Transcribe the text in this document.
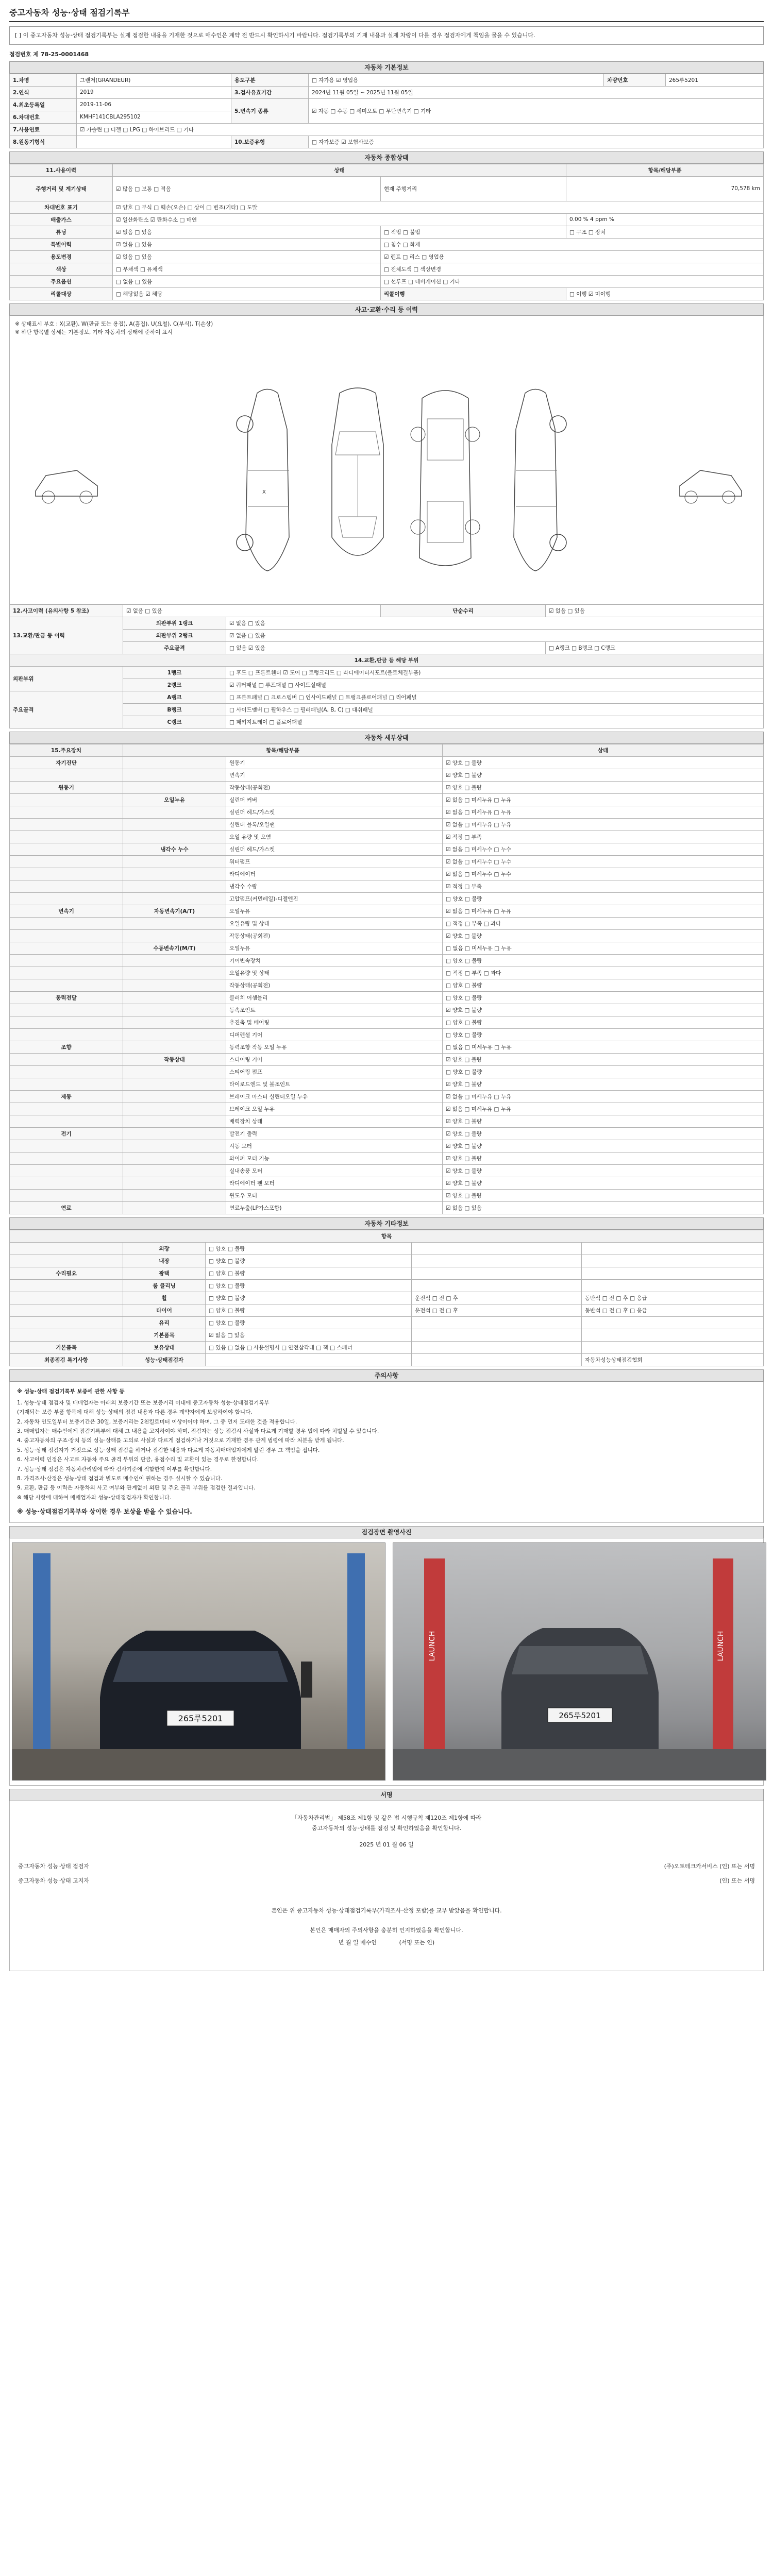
중고자동차 성능·상태 점검기록부
[ ] 이 중고자동차 성능·상태 점검기록부는 실제 점검한 내용을 기재한 것으로 매수인은 계약 전 반드시 확인하시기 바랍니다. 점검기록부의 기재 내용과 실제 차량이 다를 경우 점검자에게 책임을 물을 수 있습니다.
점검번호 제 78-25-0001468
자동차 기본정보
1.차명	그랜저(GRANDEUR)	용도구분	□ 자가용 ☑ 영업용	차량번호	265루5201
2.연식	2019	3.검사유효기간	2024년 11월 05일 ~ 2025년 11월 05일		
4.최초등록일	2019-11-06	5.변속기 종류	☑ 자동 □ 수동 □ 세미오토 □ 무단변속기 □ 기타		
6.차대번호	KMHF141CBLA295102				
7.사용연료	☑ 가솔린 □ 디젤 □ LPG □ 하이브리드 □ 기타				
8.원동기형식		10.보증유형	□ 자가보증 ☑ 보험사보증		
자동차 종합상태
11.사용이력	상태		항목/해당부품
주행거리 및 계기상태	☑ 많음 □ 보통 □ 적음	현재 주행거리	70,578 km
차대번호 표기	☑ 양호 □ 부식 □ 훼손(오손) □ 상이 □ 변조(기타) □ 도말		
배출가스	☑ 일산화탄소 ☑ 탄화수소 □ 매연		0.00 % 4 ppm %
튜닝	☑ 없음 □ 있음	□ 적법 □ 불법	□ 구조 □ 장치
특별이력	☑ 없음 □ 있음	□ 침수 □ 화재	
용도변경	☑ 없음 □ 있음	☑ 렌트 □ 리스 □ 영업용	
색상	□ 무채색 □ 유채색	□ 전체도색 □ 색상변경	
주요옵션	□ 없음 □ 있음	□ 선루프 □ 네비게이션 □ 기타	
리콜대상	□ 해당없음 ☑ 해당	리콜이행	□ 이행 ☑ 미이행
사고·교환·수리 등 이력
※ 상태표시 부호 : X(교환), W(판금 또는 용접), A(흠집), U(요철), C(부식), T(손상)
※ 하단 항목별 상세는 기본정보, 기타 자동차의 상태에 준하여 표시
X
12.사고이력 (유의사항 5 참조)	☑ 없음 □ 있음		단순수리	☑ 없음 □ 있음
13.교환/판금 등 이력	외판부위 1랭크	☑ 없음 □ 있음		
	외판부위 2랭크	☑ 없음 □ 있음		
	주요골격	□ 없음 ☑ 있음		□ A랭크 □ B랭크 □ C랭크
14.교환,판금 등 해당 부위				
외판부위	1랭크	□ 후드 □ 프론트휀더 ☑ 도어 □ 트렁크리드 □ 라디에이터서포트(볼트체결부품)		
	2랭크	☑ 쿼터패널 □ 루프패널 □ 사이드실패널		
주요골격	A랭크	□ 프론트패널 □ 크로스멤버 □ 인사이드패널 □ 트렁크플로어패널 □ 리어패널		
	B랭크	□ 사이드멤버 □ 휠하우스 □ 필러패널(A, B, C) □ 대쉬패널		
	C랭크	□ 패키지트레이 □ 플로어패널		
자동차 세부상태
15.주요장치	항목/해당부품		상태
자기진단		원동기	☑ 양호 □ 불량
		변속기	☑ 양호 □ 불량
원동기		작동상태(공회전)	☑ 양호 □ 불량
	오일누유	실린더 커버	☑ 없음 □ 미세누유 □ 누유
		실린더 헤드/가스켓	☑ 없음 □ 미세누유 □ 누유
		실린더 블록/오일팬	☑ 없음 □ 미세누유 □ 누유
		오일 유량 및 오염	☑ 적정 □ 부족
	냉각수 누수	실린더 헤드/가스켓	☑ 없음 □ 미세누수 □ 누수
		워터펌프	☑ 없음 □ 미세누수 □ 누수
		라디에이터	☑ 없음 □ 미세누수 □ 누수
		냉각수 수량	☑ 적정 □ 부족
		고압펌프(커먼레일)-디젤엔진	□ 양호 □ 불량
변속기	자동변속기(A/T)	오일누유	☑ 없음 □ 미세누유 □ 누유
		오일유량 및 상태	□ 적정 □ 부족 □ 과다
		작동상태(공회전)	☑ 양호 □ 불량
	수동변속기(M/T)	오일누유	□ 없음 □ 미세누유 □ 누유
		기어변속장치	□ 양호 □ 불량
		오일유량 및 상태	□ 적정 □ 부족 □ 과다
		작동상태(공회전)	□ 양호 □ 불량
동력전달		클러치 어셈블리	□ 양호 □ 불량
		등속조인트	☑ 양호 □ 불량
		추진축 및 베어링	□ 양호 □ 불량
		디퍼렌셜 기어	□ 양호 □ 불량
조향		동력조향 작동 오일 누유	□ 없음 □ 미세누유 □ 누유
	작동상태	스티어링 기어	☑ 양호 □ 불량
		스티어링 펌프	□ 양호 □ 불량
		타이로드엔드 및 볼조인트	☑ 양호 □ 불량
제동		브레이크 마스터 실린더오일 누유	☑ 없음 □ 미세누유 □ 누유
		브레이크 오일 누유	☑ 없음 □ 미세누유 □ 누유
		배력장치 상태	☑ 양호 □ 불량
전기		발전기 출력	☑ 양호 □ 불량
		시동 모터	☑ 양호 □ 불량
		와이퍼 모터 기능	☑ 양호 □ 불량
		실내송풍 모터	☑ 양호 □ 불량
		라디에이터 팬 모터	☑ 양호 □ 불량
		윈도우 모터	☑ 양호 □ 불량
연료		연료누출(LP가스포함)	☑ 없음 □ 있음
자동차 기타정보
항목				
	외장	□ 양호 □ 불량		
	내장	□ 양호 □ 불량		
수리필요	광택	□ 양호 □ 불량		
	룸 클리닝	□ 양호 □ 불량		
	휠	□ 양호 □ 불량	운전석 □ 전 □ 후	동반석 □ 전 □ 후 □ 응급
	타이어	□ 양호 □ 불량	운전석 □ 전 □ 후	동반석 □ 전 □ 후 □ 응급
	유리	□ 양호 □ 불량		
	기본품목	☑ 없음 □ 있음		
기본품목	보유상태	□ 있음 □ 없음 □ 사용설명서 □ 안전삼각대 □ 잭 □ 스패너		
최종점검 특기사항	성능·상태점검자			자동차성능상태점검협회
주의사항
※ 성능·상태 점검기록부 보증에 관한 사항 등
1. 성능·상태 점검자 및 매매업자는 아래의 보증기간 또는 보증거리 이내에 중고자동차 성능·상태점검기록부
(기재되는 보증 부품 항목에 대해 성능·상태의 점검 내용과 다른 경우 계약자에게 보상하여야 합니다.
2. 자동차 인도일부터 보증기간은 30일, 보증거리는 2천킬로미터 이상이어야 하며, 그 중 먼저 도래한 것을 적용합니다.
3. 매매업자는 매수인에게 점검기록부에 대해 그 내용을 고지하여야 하며, 점검자는 성능 점검시 사실과 다르게 기재할 경우 법에 따라 처벌될 수 있습니다.
4. 중고자동차의 구조·장치 등의 성능·상태를 고의로 사실과 다르게 점검하거나 거짓으로 기재한 경우 관계 법령에 따라 처분을 받게 됩니다.
5. 성능·상태 점검자가 거짓으로 성능·상태 점검을 하거나 점검한 내용과 다르게 자동차매매업자에게 알린 경우 그 책임을 집니다.
6. 사고이력 인정은 사고로 자동차 주요 골격 부위의 판금, 용접수리 및 교환이 있는 경우로 한정합니다.
7. 성능·상태 점검은 자동차관리법에 따라 검사기준에 적합한지 여부를 확인합니다.
8. 가격조사·산정은 성능·상태 점검과 별도로 매수인이 원하는 경우 실시할 수 있습니다.
9. 교환, 판금 등 이력은 자동차의 사고 여부와 관계없이 외판 및 주요 골격 부위를 점검한 결과입니다.
※ 해당 사항에 대하여 매매업자와 성능·상태점검자가 확인합니다.
※ 성능·상태점검기록부와 상이한 경우 보상을 받을 수 있습니다.
점검장면 촬영사진
265루5201
LAUNCH	LAUNCH
265루5201
서명
「자동차관리법」 제58조 제1항 및 같은 법 시행규칙 제120조 제1항에 따라
중고자동차의 성능·상태를 점검 및 확인하였음을 확인합니다.
2025 년 01 월 06 일
중고자동차 성능·상태 점검자	(주)오토테크카서비스 (인) 또는 서명
중고자동차 성능·상태 고지자	(인) 또는 서명
본인은 위 중고자동차 성능·상태점검기록부(가격조사·산정 포함)를 교부 받았음을 확인합니다.
본인은 매매자의 주의사항을 충분히 인지하였음을 확인합니다.
년 월 일 매수인	(서명 또는 인)
